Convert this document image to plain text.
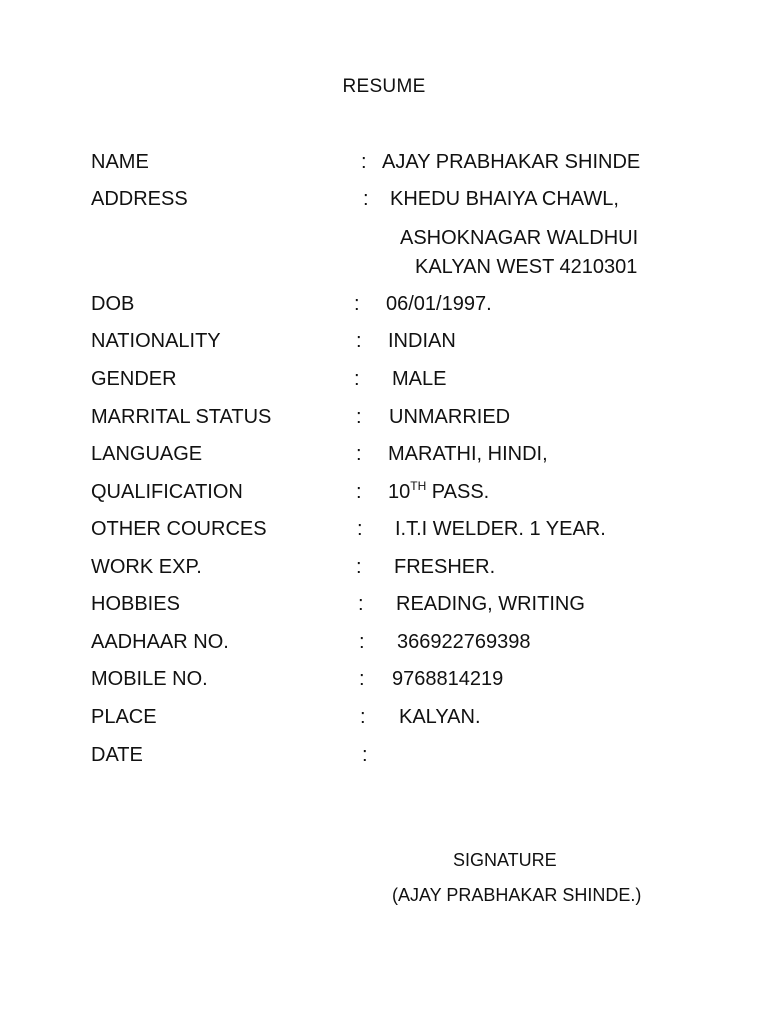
RESUME
NAME	: AJAY PRABHAKAR SHINDE
ADDRESS	: KHEDU BHAIYA CHAWL,
ASHOKNAGAR WALDHUI
KALYAN WEST 4210301
DOB	: 06/01/1997.
NATIONALITY	: INDIAN
GENDER	: MALE
MARRITAL STATUS	: UNMARRIED
LANGUAGE	: MARATHI, HINDI,
QUALIFICATION	: 10TH PASS.
OTHER COURCES	: I.T.I WELDER. 1 YEAR.
WORK EXP.	: FRESHER.
HOBBIES	: READING, WRITING
AADHAAR NO.	: 366922769398
MOBILE NO.	: 9768814219
PLACE	: KALYAN.
DATE	:
SIGNATURE
(AJAY PRABHAKAR SHINDE.)
